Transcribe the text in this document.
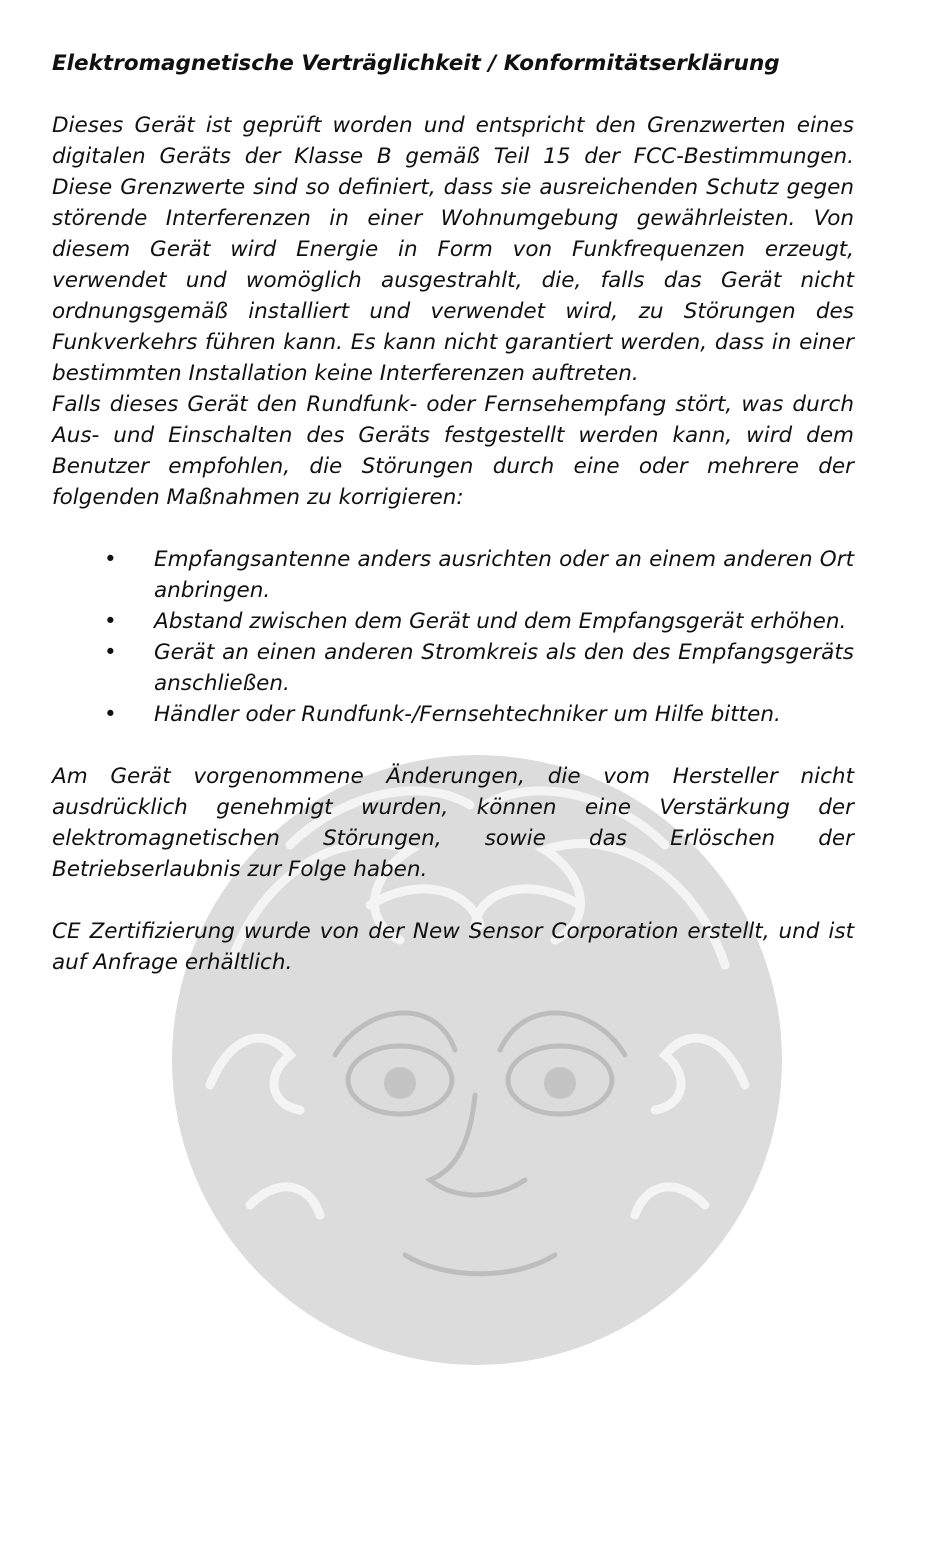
Elektromagnetische Verträglichkeit / Konformitätserklärung

Dieses Gerät ist geprüft worden und entspricht den Grenzwerten eines digitalen Geräts der Klasse B gemäß Teil 15 der FCC-Bestimmungen. Diese Grenzwerte sind so definiert, dass sie ausreichenden Schutz gegen störende Interferenzen in einer Wohnumgebung gewährleisten. Von diesem Gerät wird Energie in Form von Funkfrequenzen erzeugt, verwendet und womöglich ausgestrahlt, die, falls das Gerät nicht ordnungsgemäß installiert und verwendet wird, zu Störungen des Funkverkehrs führen kann. Es kann nicht garantiert werden, dass in einer bestimmten Installation keine Interferenzen auftreten.

Falls dieses Gerät den Rundfunk- oder Fernsehempfang stört, was durch Aus- und Einschalten des Geräts festgestellt werden kann, wird dem Benutzer empfohlen, die Störungen durch eine oder mehrere der folgenden Maßnahmen zu korrigieren:

• Empfangsantenne anders ausrichten oder an einem anderen Ort anbringen.
• Abstand zwischen dem Gerät und dem Empfangsgerät erhöhen.
• Gerät an einen anderen Stromkreis als den des Empfangsgeräts anschließen.
• Händler oder Rundfunk-/Fernsehtechniker um Hilfe bitten.

Am Gerät vorgenommene Änderungen, die vom Hersteller nicht ausdrücklich genehmigt wurden, können eine Verstärkung der elektromagnetischen Störungen, sowie das Erlöschen der Betriebserlaubnis zur Folge haben.

CE Zertifizierung wurde von der New Sensor Corporation erstellt, und ist auf Anfrage erhältlich.
